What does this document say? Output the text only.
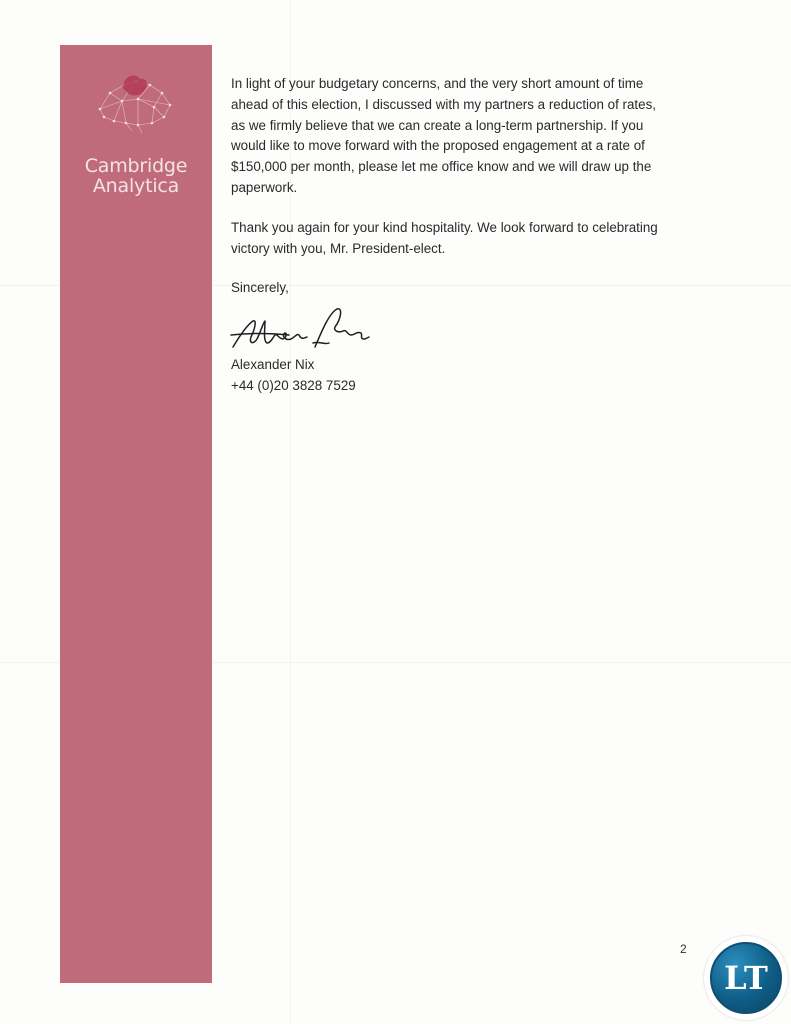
Cambridge
Analytica

In light of your budgetary concerns, and the very short amount of time
ahead of this election, I discussed with my partners a reduction of rates,
as we firmly believe that we can create a long-term partnership. If you
would like to move forward with the proposed engagement at a rate of
$150,000 per month, please let me office know and we will draw up the
paperwork.

Thank you again for your kind hospitality. We look forward to celebrating
victory with you, Mr. President-elect.

Sincerely,

Alexander Nix

+44 (0)20 3828 7529

2
LT
